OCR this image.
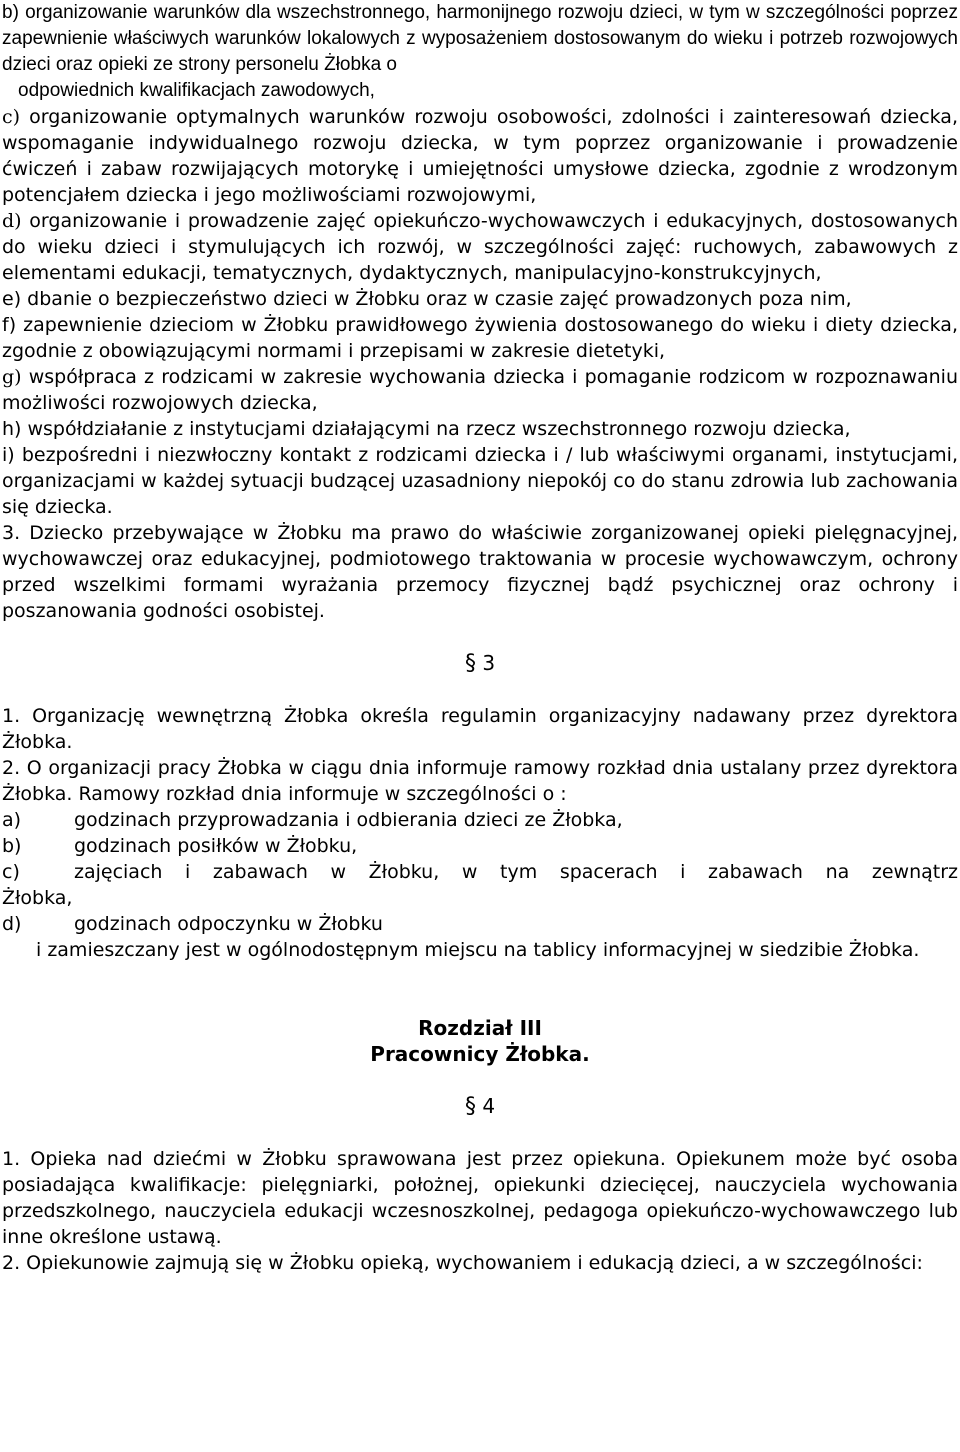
b) organizowanie warunków dla wszechstronnego, harmonijnego rozwoju dzieci, w tym w szczególności poprzez zapewnienie właściwych warunków lokalowych z wyposażeniem dostosowanym do wieku i potrzeb rozwojowych dzieci oraz opieki ze strony personelu Żłobka o

odpowiednich kwalifikacjach zawodowych,

c) organizowanie optymalnych warunków rozwoju osobowości, zdolności i zainteresowań dziecka, wspomaganie indywidualnego rozwoju dziecka, w tym poprzez organizowanie i prowadzenie ćwiczeń i zabaw rozwijających motorykę i umiejętności umysłowe dziecka, zgodnie z wrodzonym potencjałem dziecka i jego możliwościami rozwojowymi,

d) organizowanie i prowadzenie zajęć opiekuńczo-wychowawczych i edukacyjnych, dostosowanych do wieku dzieci i stymulujących ich rozwój, w szczególności zajęć: ruchowych, zabawowych z elementami edukacji, tematycznych, dydaktycznych, manipulacyjno-konstrukcyjnych,

e) dbanie o bezpieczeństwo dzieci w Żłobku oraz w czasie zajęć prowadzonych poza nim,

f) zapewnienie dzieciom w Żłobku prawidłowego żywienia dostosowanego do wieku i diety dziecka, zgodnie z obowiązującymi normami i przepisami w zakresie dietetyki,

g) współpraca z rodzicami w zakresie wychowania dziecka i pomaganie rodzicom w rozpoznawaniu możliwości rozwojowych dziecka,

h) współdziałanie z instytucjami działającymi na rzecz wszechstronnego rozwoju dziecka,

i) bezpośredni i niezwłoczny kontakt z rodzicami dziecka i / lub właściwymi organami, instytucjami, organizacjami w każdej sytuacji budzącej uzasadniony niepokój co do stanu zdrowia lub zachowania się dziecka.

3. Dziecko przebywające w Żłobku ma prawo do właściwie zorganizowanej opieki pielęgnacyjnej, wychowawczej oraz edukacyjnej, podmiotowego traktowania w procesie wychowawczym, ochrony przed wszelkimi formami wyrażania przemocy fizycznej bądź psychicznej oraz ochrony i poszanowania godności osobistej.

§ 3

1. Organizację wewnętrzną Żłobka określa regulamin organizacyjny nadawany przez dyrektora Żłobka.

2. O organizacji pracy Żłobka w ciągu dnia informuje ramowy rozkład dnia ustalany przez dyrektora Żłobka. Ramowy rozkład dnia informuje w szczególności o :

a)	godzinach przyprowadzania i odbierania dzieci ze Żłobka,
b)	godzinach posiłków w Żłobku,
c)	zajęciach i zabawach w Żłobku, w tym spacerach i zabawach na zewnątrz

Żłobka,

d)	godzinach odpoczynku w Żłobku

i zamieszczany jest w ogólnodostępnym miejscu na tablicy informacyjnej w siedzibie Żłobka.

Rozdział III

Pracownicy Żłobka.

§ 4

1. Opieka nad dziećmi w Żłobku sprawowana jest przez opiekuna. Opiekunem może być osoba posiadająca kwalifikacje: pielęgniarki, położnej, opiekunki dziecięcej, nauczyciela wychowania przedszkolnego, nauczyciela edukacji wczesnoszkolnej, pedagoga opiekuńczo-wychowawczego lub inne określone ustawą.

2. Opiekunowie zajmują się w Żłobku opieką, wychowaniem i edukacją dzieci, a w szczególności:
